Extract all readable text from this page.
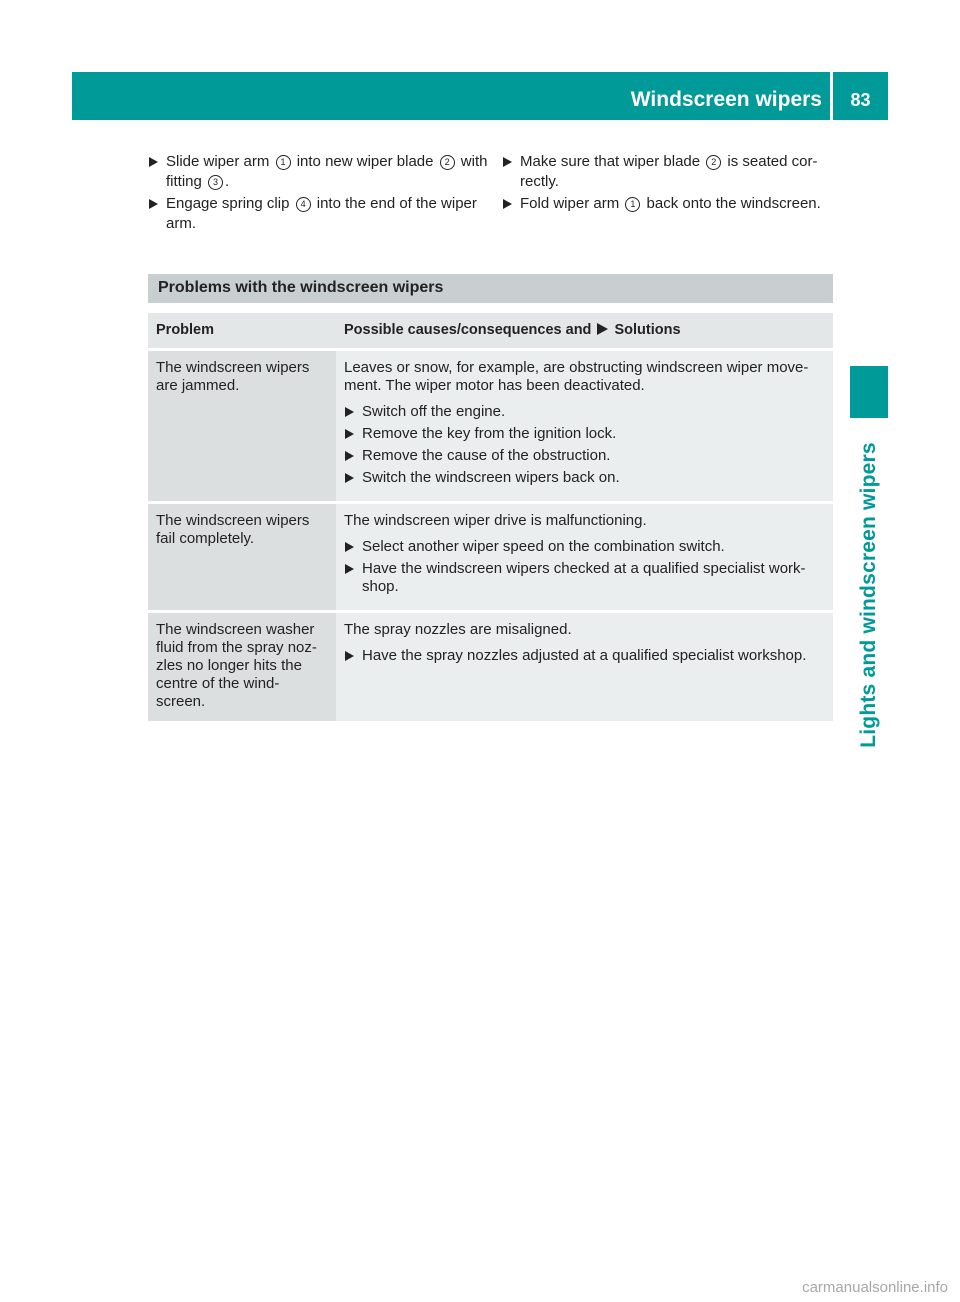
Windscreen wipers	83
Lights and windscreen wipers
Slide wiper arm 1 into new wiper blade 2 with fitting 3 .
Engage spring clip 4 into the end of the wiper arm.
Make sure that wiper blade 2 is seated cor-rectly.
Fold wiper arm 1 back onto the windscreen.
Problems with the windscreen wipers
Problem	Possible causes/consequences and Solutions
The windscreen wipers are jammed.	Leaves or snow, for example, are obstructing windscreen wiper move-ment. The wiper motor has been deactivated.
Switch off the engine.
Remove the key from the ignition lock.
Remove the cause of the obstruction.
Switch the windscreen wipers back on.

The windscreen wipers fail completely.	The windscreen wiper drive is malfunctioning.
Select another wiper speed on the combination switch.
Have the windscreen wipers checked at a qualified specialist work-shop.

The windscreen washer fluid from the spray noz-zles no longer hits the centre of the wind-screen.	The spray nozzles are misaligned.
Have the spray nozzles adjusted at a qualified specialist workshop.
carmanualsonline.info
